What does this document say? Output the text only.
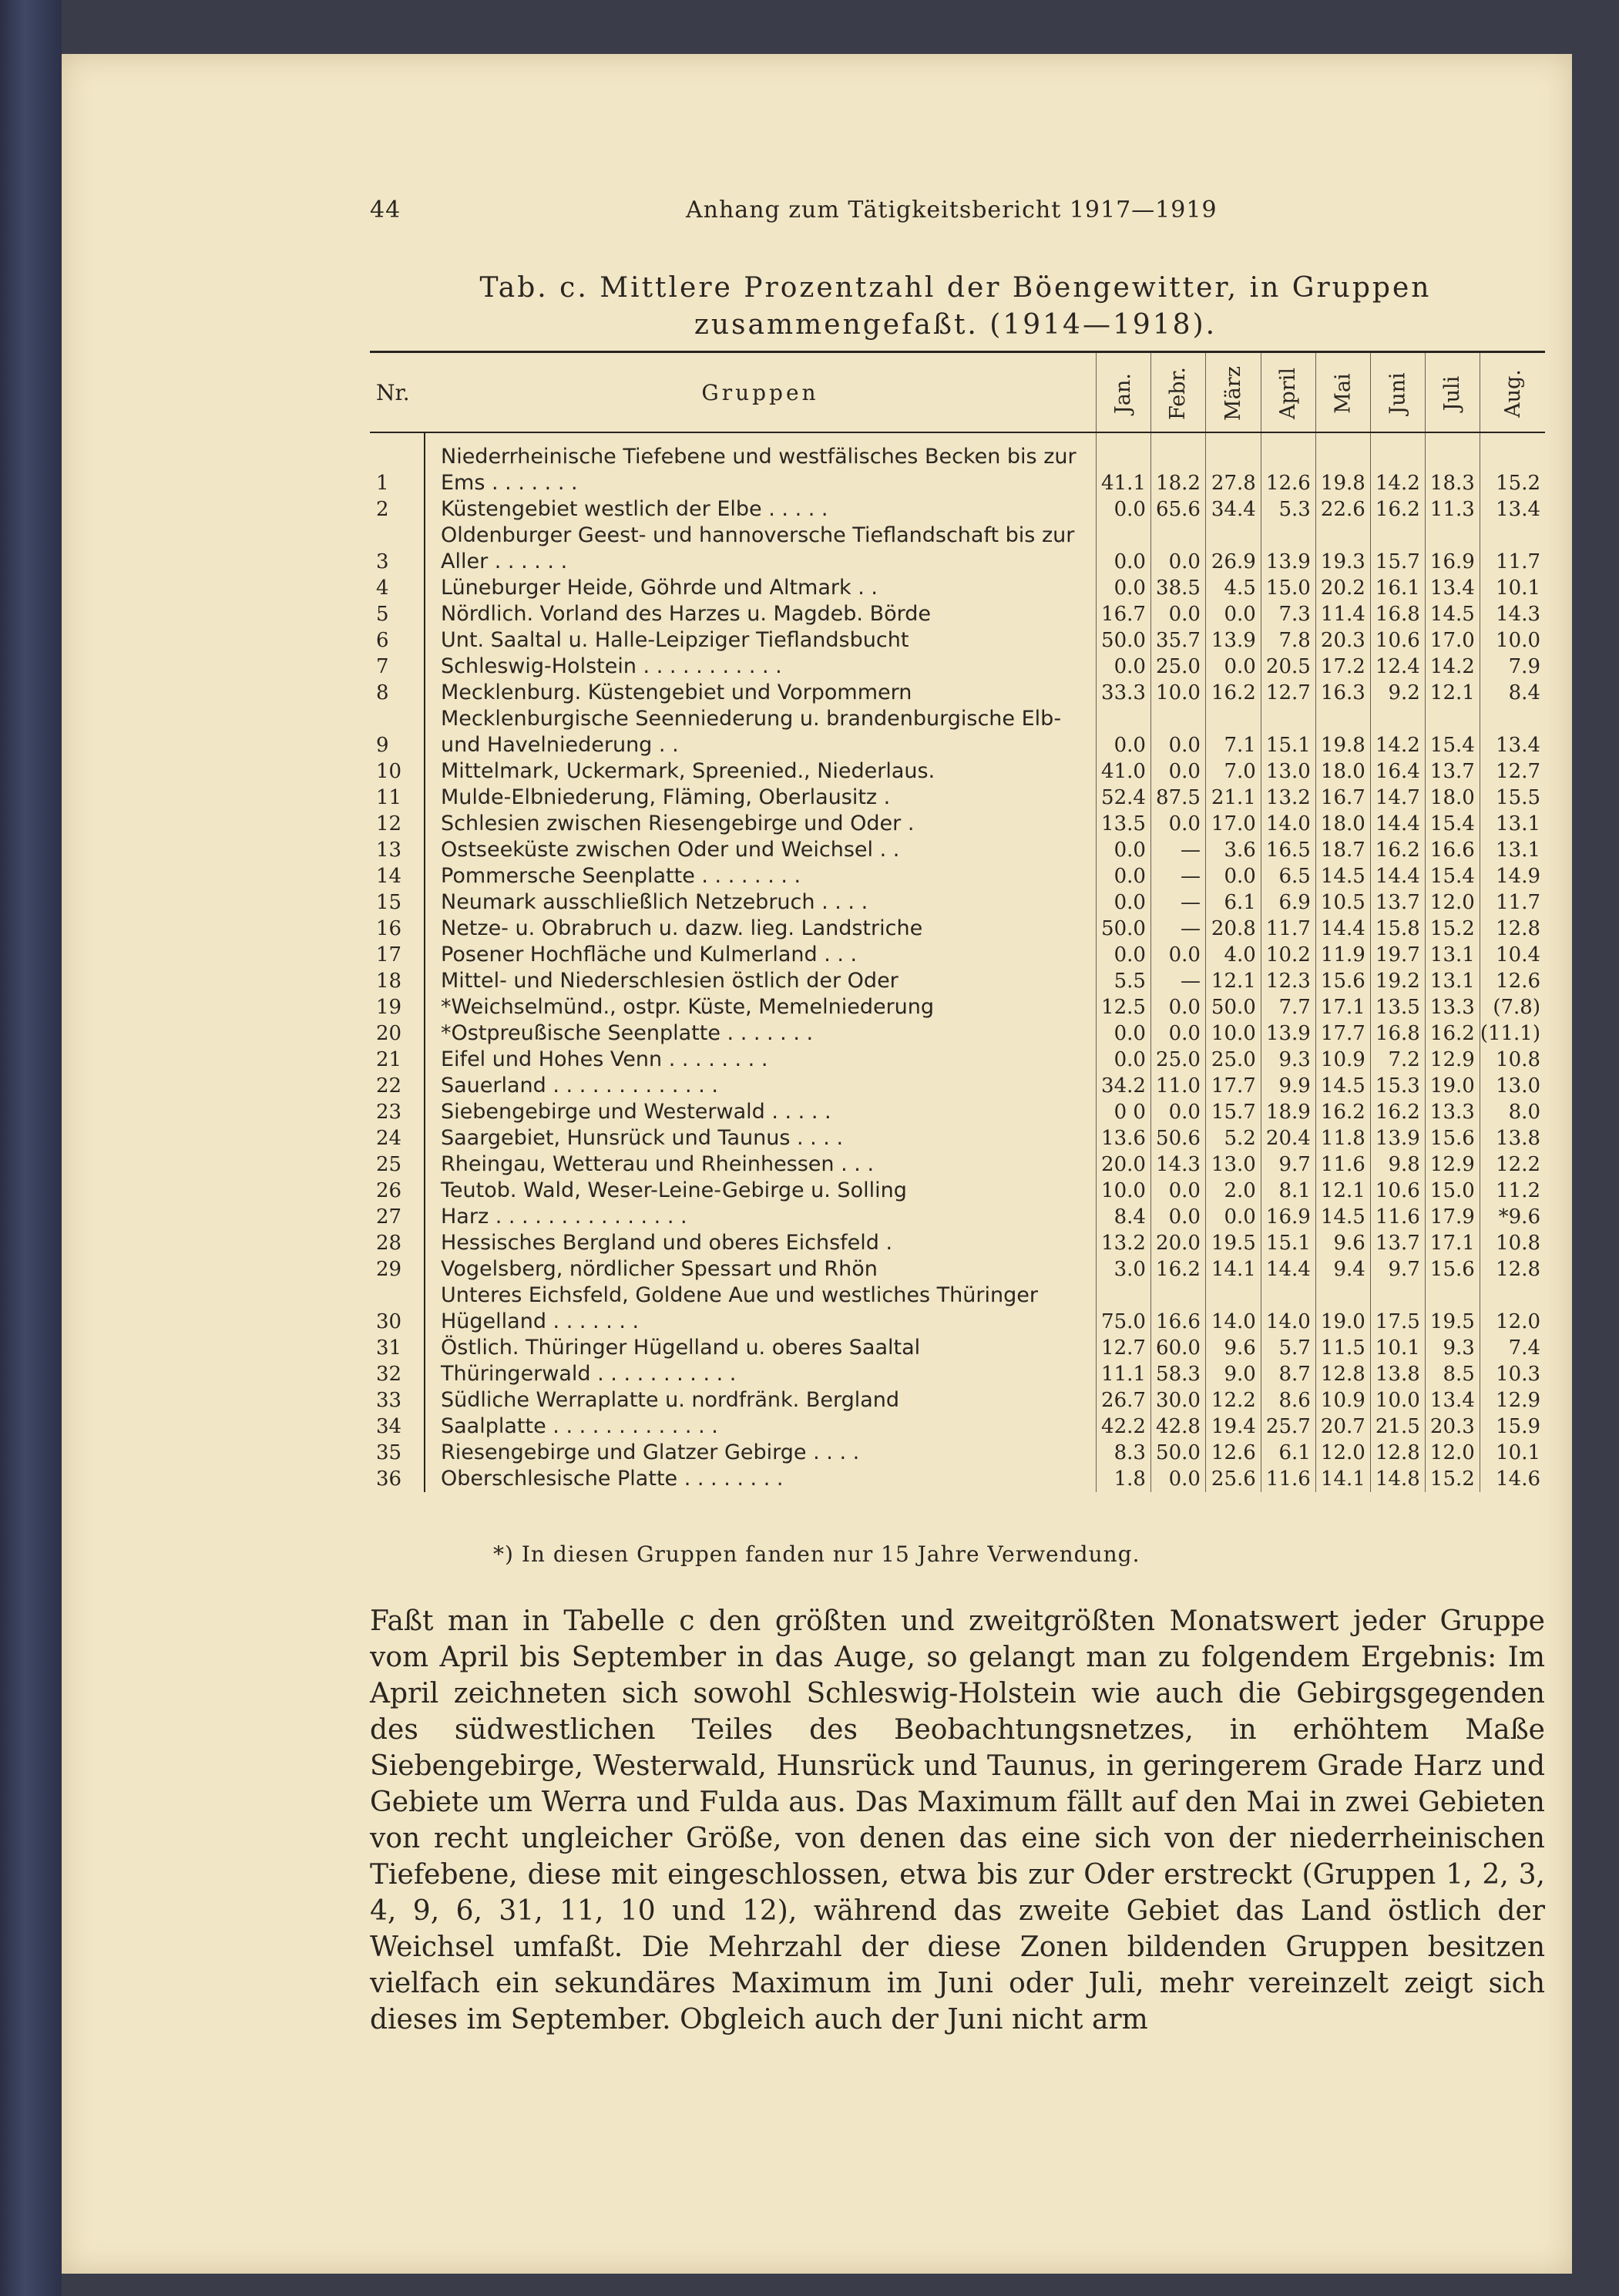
44	Anhang zum Tätigkeitsbericht 1917—1919
Tab. c. Mittlere Prozentzahl der Böengewitter, in Gruppen
zusammengefaßt. (1914—1918).
Nr.	Gruppen	Jan.	Febr.	März	April	Mai	Juni	Juli	Aug.
1	Niederrheinische Tiefebene und westfälisches Becken bis zur Ems . . . . . . .	41.1	18.2	27.8	12.6	19.8	14.2	18.3	15.2
2	Küstengebiet westlich der Elbe . . . . .	0.0	65.6	34.4	5.3	22.6	16.2	11.3	13.4
3	Oldenburger Geest- und hannoversche Tieflandschaft bis zur Aller . . . . . .	0.0	0.0	26.9	13.9	19.3	15.7	16.9	11.7
4	Lüneburger Heide, Göhrde und Altmark . .	0.0	38.5	4.5	15.0	20.2	16.1	13.4	10.1
5	Nördlich. Vorland des Harzes u. Magdeb. Börde	16.7	0.0	0.0	7.3	11.4	16.8	14.5	14.3
6	Unt. Saaltal u. Halle-Leipziger Tieflandsbucht	50.0	35.7	13.9	7.8	20.3	10.6	17.0	10.0
7	Schleswig-Holstein . . . . . . . . . . .	0.0	25.0	0.0	20.5	17.2	12.4	14.2	7.9
8	Mecklenburg. Küstengebiet und Vorpommern	33.3	10.0	16.2	12.7	16.3	9.2	12.1	8.4
9	Mecklenburgische Seenniederung u. brandenburgische Elb- und Havelniederung . .	0.0	0.0	7.1	15.1	19.8	14.2	15.4	13.4
10	Mittelmark, Uckermark, Spreenied., Niederlaus.	41.0	0.0	7.0	13.0	18.0	16.4	13.7	12.7
11	Mulde-Elbniederung, Fläming, Oberlausitz .	52.4	87.5	21.1	13.2	16.7	14.7	18.0	15.5
12	Schlesien zwischen Riesengebirge und Oder .	13.5	0.0	17.0	14.0	18.0	14.4	15.4	13.1
13	Ostseeküste zwischen Oder und Weichsel . .	0.0	—	3.6	16.5	18.7	16.2	16.6	13.1
14	Pommersche Seenplatte . . . . . . . .	0.0	—	0.0	6.5	14.5	14.4	15.4	14.9
15	Neumark ausschließlich Netzebruch . . . .	0.0	—	6.1	6.9	10.5	13.7	12.0	11.7
16	Netze- u. Obrabruch u. dazw. lieg. Landstriche	50.0	—	20.8	11.7	14.4	15.8	15.2	12.8
17	Posener Hochfläche und Kulmerland . . .	0.0	0.0	4.0	10.2	11.9	19.7	13.1	10.4
18	Mittel- und Niederschlesien östlich der Oder	5.5	—	12.1	12.3	15.6	19.2	13.1	12.6
19	*Weichselmünd., ostpr. Küste, Memelniederung	12.5	0.0	50.0	7.7	17.1	13.5	13.3	(7.8)
20	*Ostpreußische Seenplatte . . . . . . .	0.0	0.0	10.0	13.9	17.7	16.8	16.2	(11.1)
21	Eifel und Hohes Venn . . . . . . . .	0.0	25.0	25.0	9.3	10.9	7.2	12.9	10.8
22	Sauerland . . . . . . . . . . . . .	34.2	11.0	17.7	9.9	14.5	15.3	19.0	13.0
23	Siebengebirge und Westerwald . . . . .	0 0	0.0	15.7	18.9	16.2	16.2	13.3	8.0
24	Saargebiet, Hunsrück und Taunus . . . .	13.6	50.6	5.2	20.4	11.8	13.9	15.6	13.8
25	Rheingau, Wetterau und Rheinhessen . . .	20.0	14.3	13.0	9.7	11.6	9.8	12.9	12.2
26	Teutob. Wald, Weser-Leine-Gebirge u. Solling	10.0	0.0	2.0	8.1	12.1	10.6	15.0	11.2
27	Harz . . . . . . . . . . . . . . .	8.4	0.0	0.0	16.9	14.5	11.6	17.9	*9.6
28	Hessisches Bergland und oberes Eichsfeld .	13.2	20.0	19.5	15.1	9.6	13.7	17.1	10.8
29	Vogelsberg, nördlicher Spessart und Rhön	3.0	16.2	14.1	14.4	9.4	9.7	15.6	12.8
30	Unteres Eichsfeld, Goldene Aue und westliches Thüringer Hügelland . . . . . . .	75.0	16.6	14.0	14.0	19.0	17.5	19.5	12.0
31	Östlich. Thüringer Hügelland u. oberes Saaltal	12.7	60.0	9.6	5.7	11.5	10.1	9.3	7.4
32	Thüringerwald . . . . . . . . . . .	11.1	58.3	9.0	8.7	12.8	13.8	8.5	10.3
33	Südliche Werraplatte u. nordfränk. Bergland	26.7	30.0	12.2	8.6	10.9	10.0	13.4	12.9
34	Saalplatte . . . . . . . . . . . . .	42.2	42.8	19.4	25.7	20.7	21.5	20.3	15.9
35	Riesengebirge und Glatzer Gebirge . . . .	8.3	50.0	12.6	6.1	12.0	12.8	12.0	10.1
36	Oberschlesische Platte . . . . . . . .	1.8	0.0	25.6	11.6	14.1	14.8	15.2	14.6
*) In diesen Gruppen fanden nur 15 Jahre Verwendung.
Faßt man in Tabelle c den größten und zweitgrößten Monatswert jeder Gruppe vom April bis September in das Auge, so gelangt man zu folgendem Ergebnis: Im April zeichneten sich sowohl Schleswig-Holstein wie auch die Gebirgsgegenden des südwestlichen Teiles des Beobachtungsnetzes, in erhöhtem Maße Siebengebirge, Westerwald, Hunsrück und Taunus, in geringerem Grade Harz und Gebiete um Werra und Fulda aus. Das Maximum fällt auf den Mai in zwei Gebieten von recht ungleicher Größe, von denen das eine sich von der niederrheinischen Tiefebene, diese mit eingeschlossen, etwa bis zur Oder erstreckt (Gruppen 1, 2, 3, 4, 9, 6, 31, 11, 10 und 12), während das zweite Gebiet das Land östlich der Weichsel umfaßt. Die Mehrzahl der diese Zonen bildenden Gruppen besitzen vielfach ein sekundäres Maximum im Juni oder Juli, mehr vereinzelt zeigt sich dieses im September. Obgleich auch der Juni nicht arm
